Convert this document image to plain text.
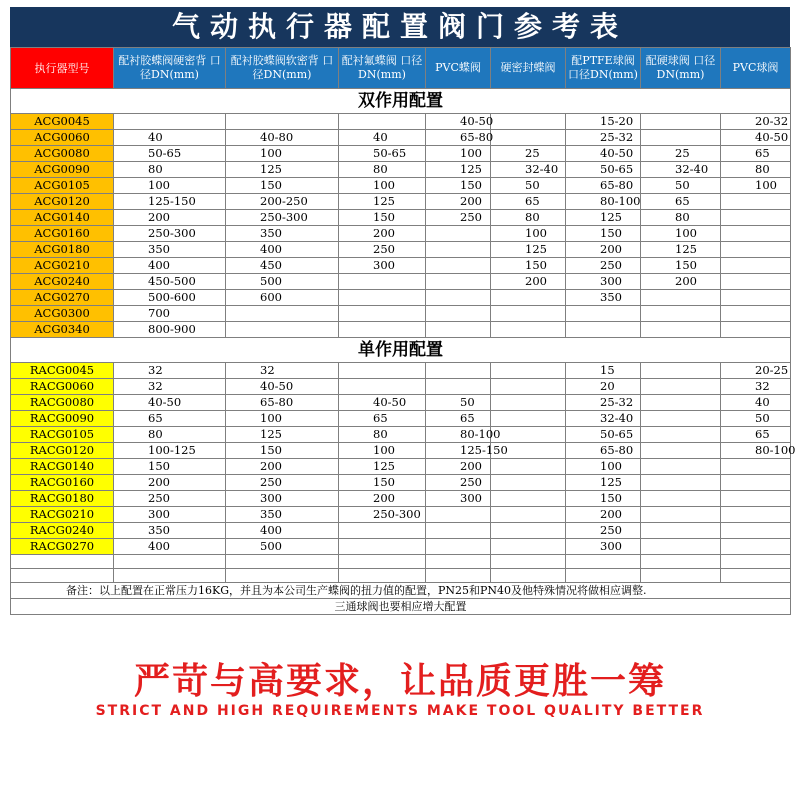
气动执行器配置阀门参考表
执行器型号	配衬胶蝶阀硬密背 口径DN(mm)	配衬胶蝶阀软密背 口径DN(mm)	配衬氟蝶阀 口径DN(mm)	PVC蝶阀	硬密封蝶阀	配PTFE球阀 口径DN(mm)	配硬球阀 口径DN(mm)	PVC球阀
双作用配置								
ACG0045				40-50		15-20		20-32
ACG0060	40	40-80	40	65-80		25-32		40-50
ACG0080	50-65	100	50-65	100	25	40-50	25	65
ACG0090	80	125	80	125	32-40	50-65	32-40	80
ACG0105	100	150	100	150	50	65-80	50	100
ACG0120	125-150	200-250	125	200	65	80-100	65	
ACG0140	200	250-300	150	250	80	125	80	
ACG0160	250-300	350	200		100	150	100	
ACG0180	350	400	250		125	200	125	
ACG0210	400	450	300		150	250	150	
ACG0240	450-500	500			200	300	200	
ACG0270	500-600	600				350		
ACG0300	700							
ACG0340	800-900							
单作用配置								
RACG0045	32	32				15		20-25
RACG0060	32	40-50				20		32
RACG0080	40-50	65-80	40-50	50		25-32		40
RACG0090	65	100	65	65		32-40		50
RACG0105	80	125	80	80-100		50-65		65
RACG0120	100-125	150	100	125-150		65-80		80-100
RACG0140	150	200	125	200		100		
RACG0160	200	250	150	250		125		
RACG0180	250	300	200	300		150		
RACG0210	300	350	250-300			200		
RACG0240	350	400				250		
RACG0270	400	500				300		

备注：以上配置在正常压力16KG，并且为本公司生产蝶阀的扭力值的配置，PN25和PN40及他特殊情况将做相应调整.								
三通球阀也要相应增大配置								
严苛与高要求，让品质更胜一筹
STRICT AND HIGH REQUIREMENTS MAKE TOOL QUALITY BETTER
